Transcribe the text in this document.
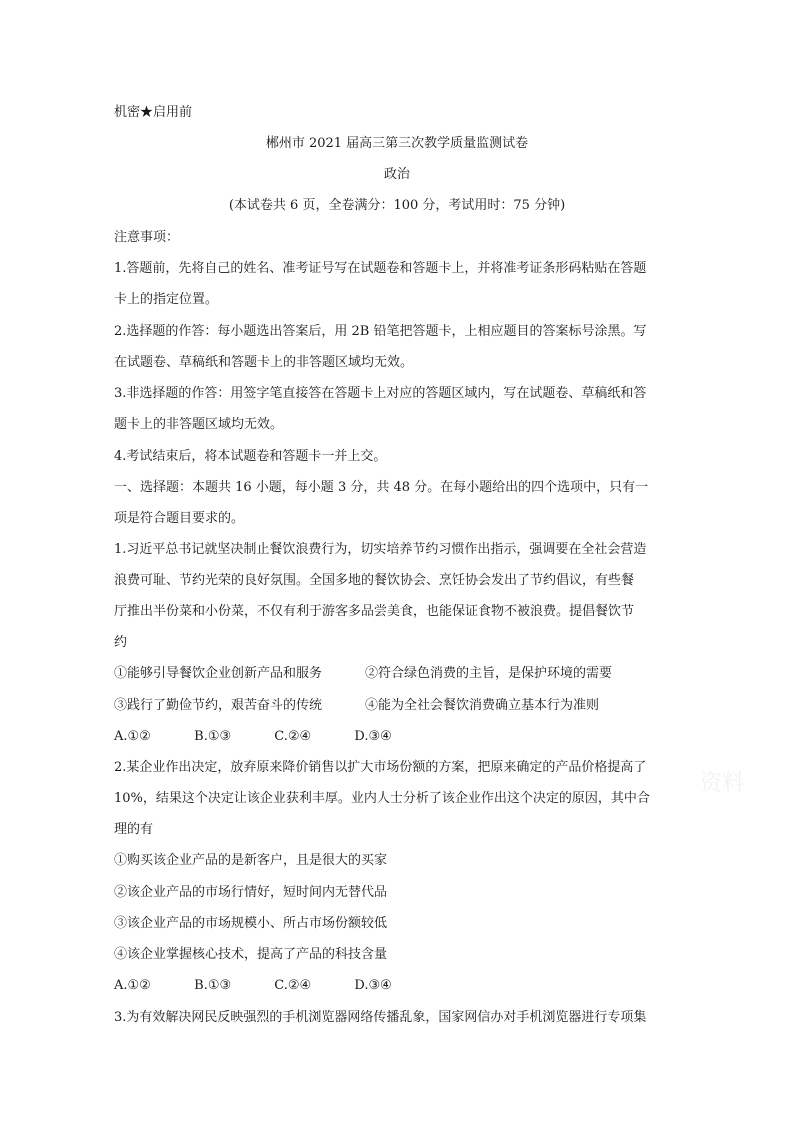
机密★启用前
郴州市 2021 届高三第三次教学质量监测试卷
政治
(本试卷共 6 页，全卷满分：100 分，考试用时：75 分钟)
注意事项：
1.答题前，先将自己的姓名、准考证号写在试题卷和答题卡上，并将准考证条形码粘贴在答题
卡上的指定位置。
2.选择题的作答：每小题选出答案后，用 2B 铅笔把答题卡，上相应题目的答案标号涂黑。写
在试题卷、草稿纸和答题卡上的非答题区域均无效。
3.非选择题的作答：用签字笔直接答在答题卡上对应的答题区域内，写在试题卷、草稿纸和答
题卡上的非答题区域均无效。
4.考试结束后，将本试题卷和答题卡一并上交。
一、选择题：本题共 16 小题，每小题 3 分，共 48 分。在每小题给出的四个选项中，只有一
项是符合题目要求的。
1.习近平总书记就坚决制止餐饮浪费行为，切实培养节约习惯作出指示，强调要在全社会营造
浪费可耻、节约光荣的良好氛围。全国多地的餐饮协会、烹饪协会发出了节约倡议，有些餐
厅推出半份菜和小份菜，不仅有利于游客多品尝美食，也能保证食物不被浪费。提倡餐饮节
约
①能够引导餐饮企业创新产品和服务	②符合绿色消费的主旨，是保护环境的需要
③践行了勤俭节约，艰苦奋斗的传统	④能为全社会餐饮消费确立基本行为准则
A.①②	B.①③	C.②④	D.③④
2.某企业作出决定，放弃原来降价销售以扩大市场份额的方案，把原来确定的产品价格提高了
10%，结果这个决定让该企业获利丰厚。业内人士分析了该企业作出这个决定的原因，其中合
理的有
①购买该企业产品的是新客户，且是很大的买家
②该企业产品的市场行情好，短时间内无替代品
③该企业产品的市场规模小、所占市场份额较低
④该企业掌握核心技术，提高了产品的科技含量
A.①②	B.①③	C.②④	D.③④
3.为有效解决网民反映强烈的手机浏览器网络传播乱象，国家网信办对手机浏览器进行专项集
资料
